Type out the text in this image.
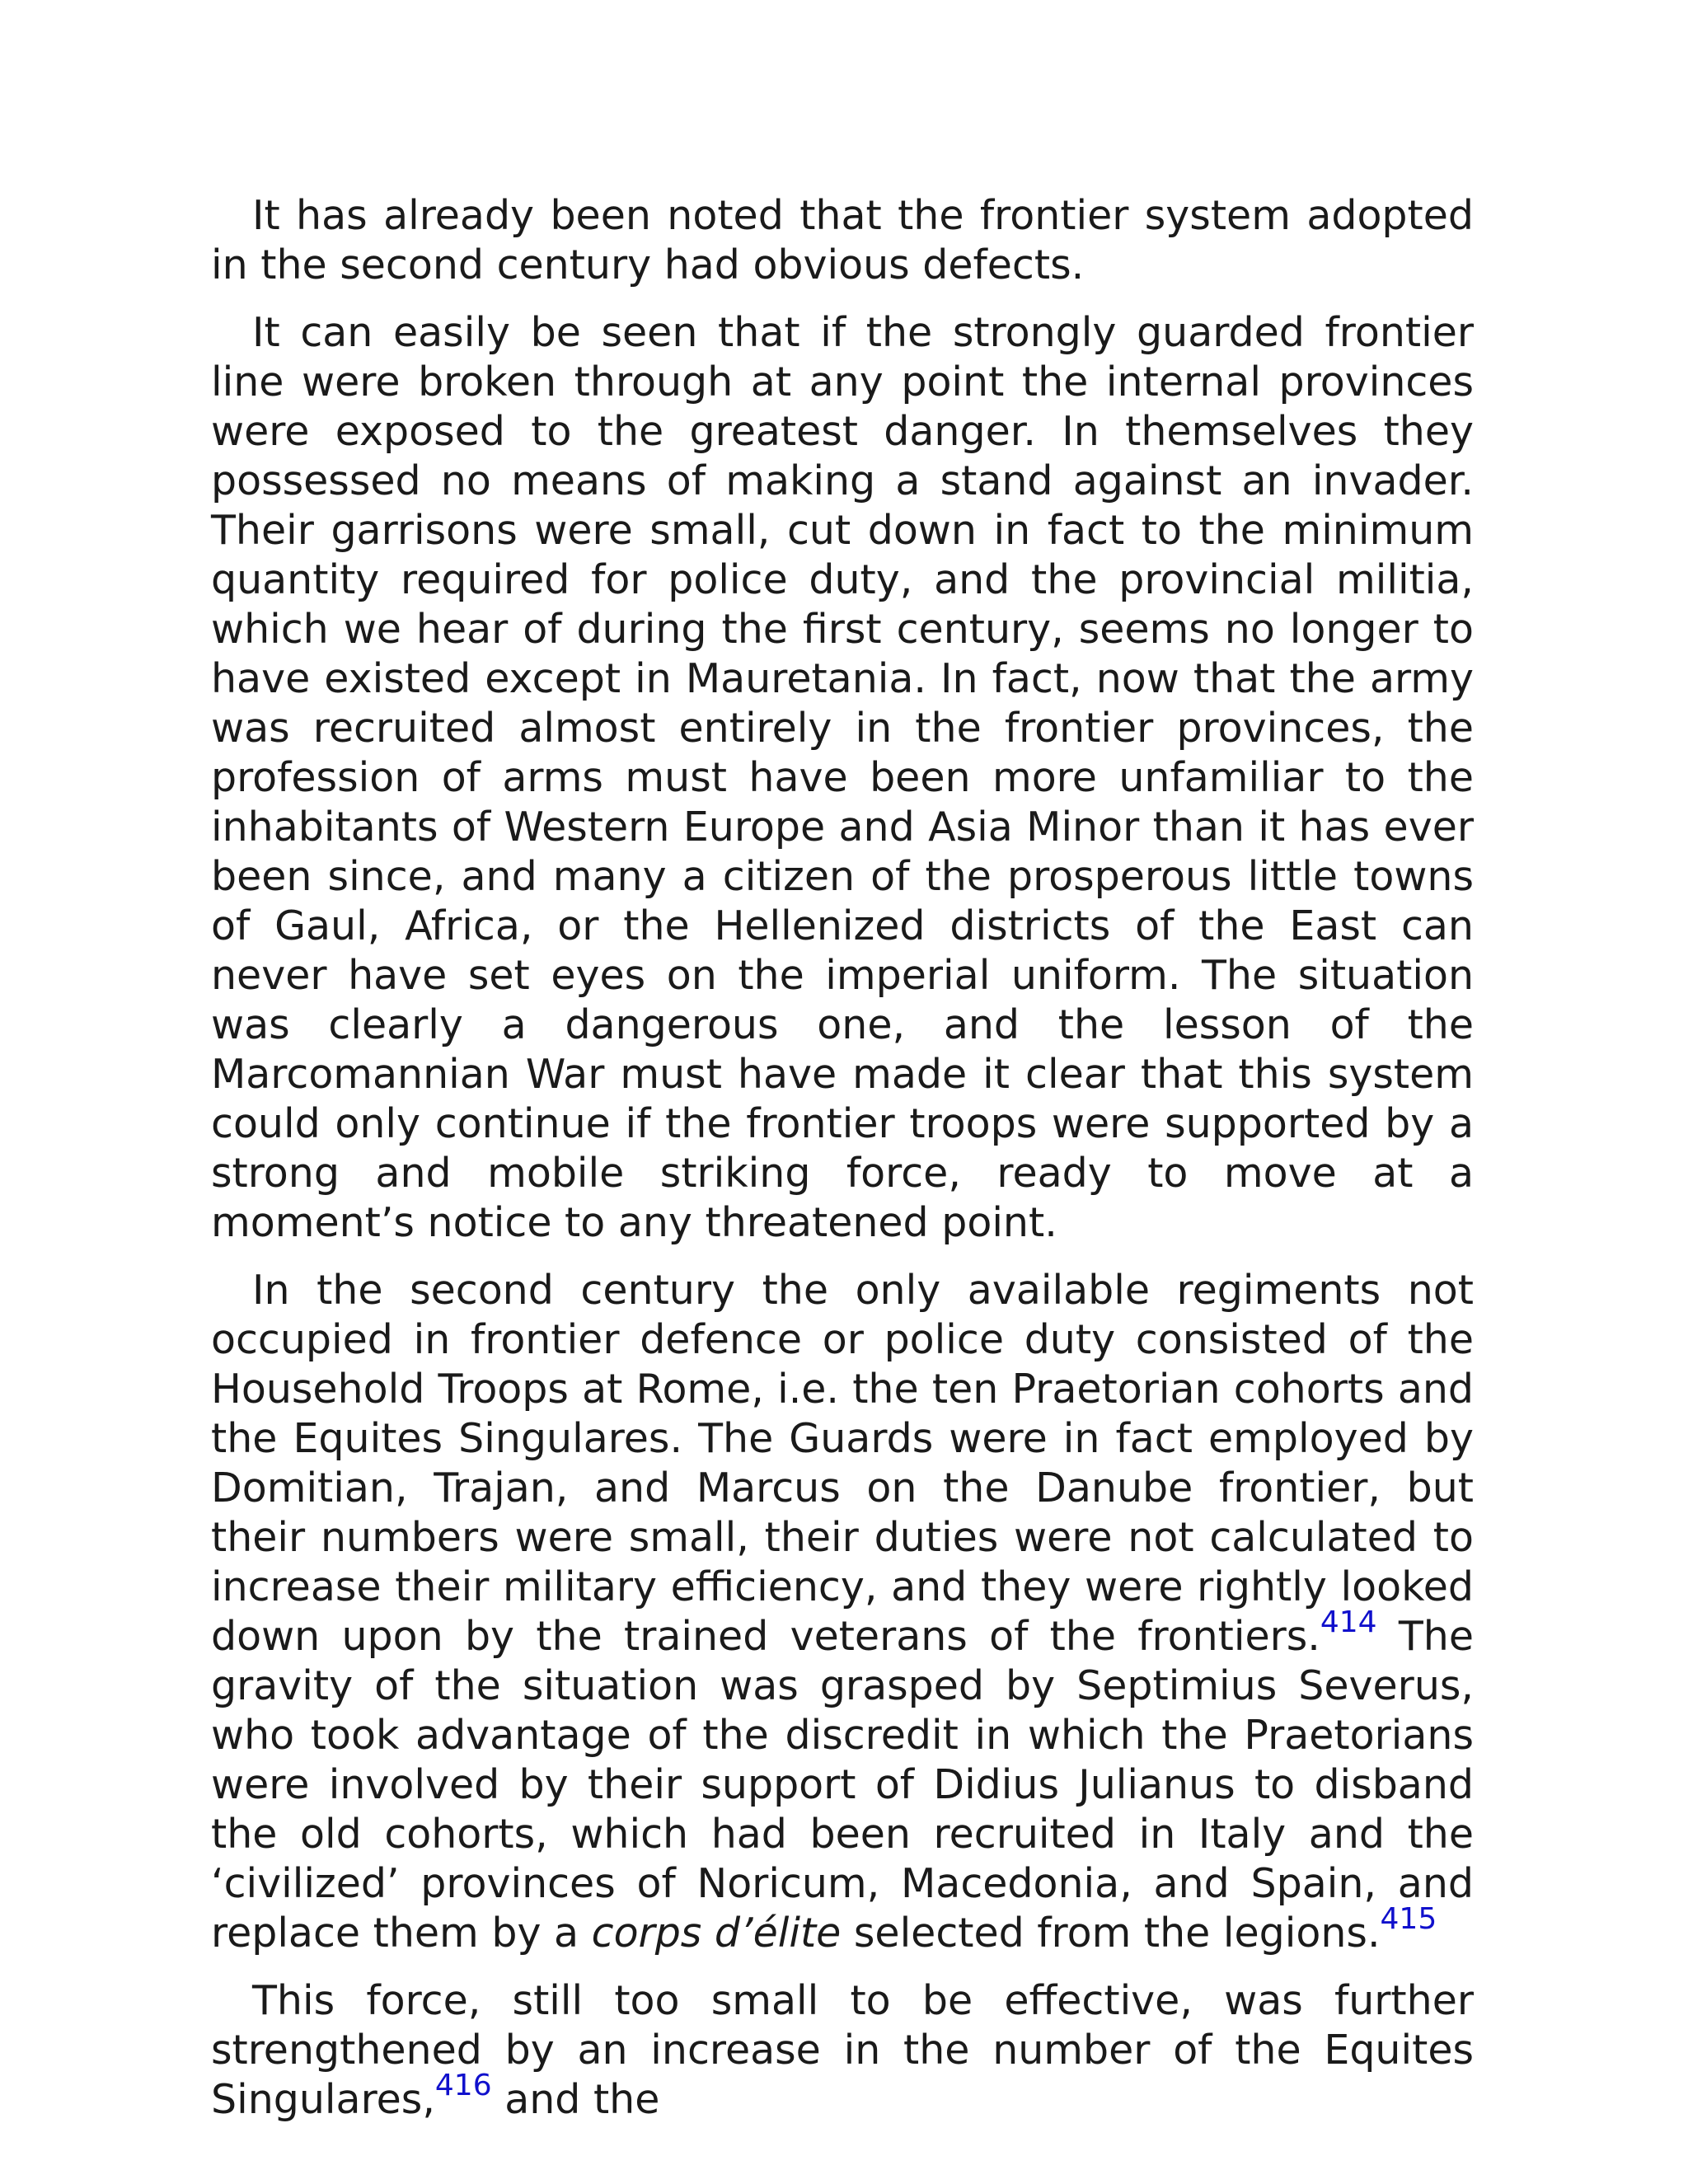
It has already been noted that the frontier system adopted in the second century had obvious defects.

It can easily be seen that if the strongly guarded frontier line were broken through at any point the internal provinces were exposed to the greatest danger. In themselves they possessed no means of making a stand against an invader. Their garrisons were small, cut down in fact to the minimum quantity required for police duty, and the provincial militia, which we hear of during the first century, seems no longer to have existed except in Mauretania. In fact, now that the army was recruited almost entirely in the frontier provinces, the profession of arms must have been more unfamiliar to the inhabitants of Western Europe and Asia Minor than it has ever been since, and many a citizen of the prosperous little towns of Gaul, Africa, or the Hellenized districts of the East can never have set eyes on the imperial uniform. The situation was clearly a dangerous one, and the lesson of the Marcomannian War must have made it clear that this system could only continue if the frontier troops were supported by a strong and mobile striking force, ready to move at a moment’s notice to any threatened point.

In the second century the only available regiments not occupied in frontier defence or police duty consisted of the Household Troops at Rome, i.e. the ten Praetorian cohorts and the Equites Singulares. The Guards were in fact employed by Domitian, Trajan, and Marcus on the Danube frontier, but their numbers were small, their duties were not calculated to increase their military efficiency, and they were rightly looked down upon by the trained veterans of the frontiers.$^{414}$ The gravity of the situation was grasped by Septimius Severus, who took advantage of the discredit in which the Praetorians were involved by their support of Didius Julianus to disband the old cohorts, which had been recruited in Italy and the ‘civilized’ provinces of Noricum, Macedonia, and Spain, and replace them by a corps d’élite selected from the legions.$^{415}$

This force, still too small to be effective, was further strengthened by an increase in the number of the Equites Singulares,$^{416}$ and the
